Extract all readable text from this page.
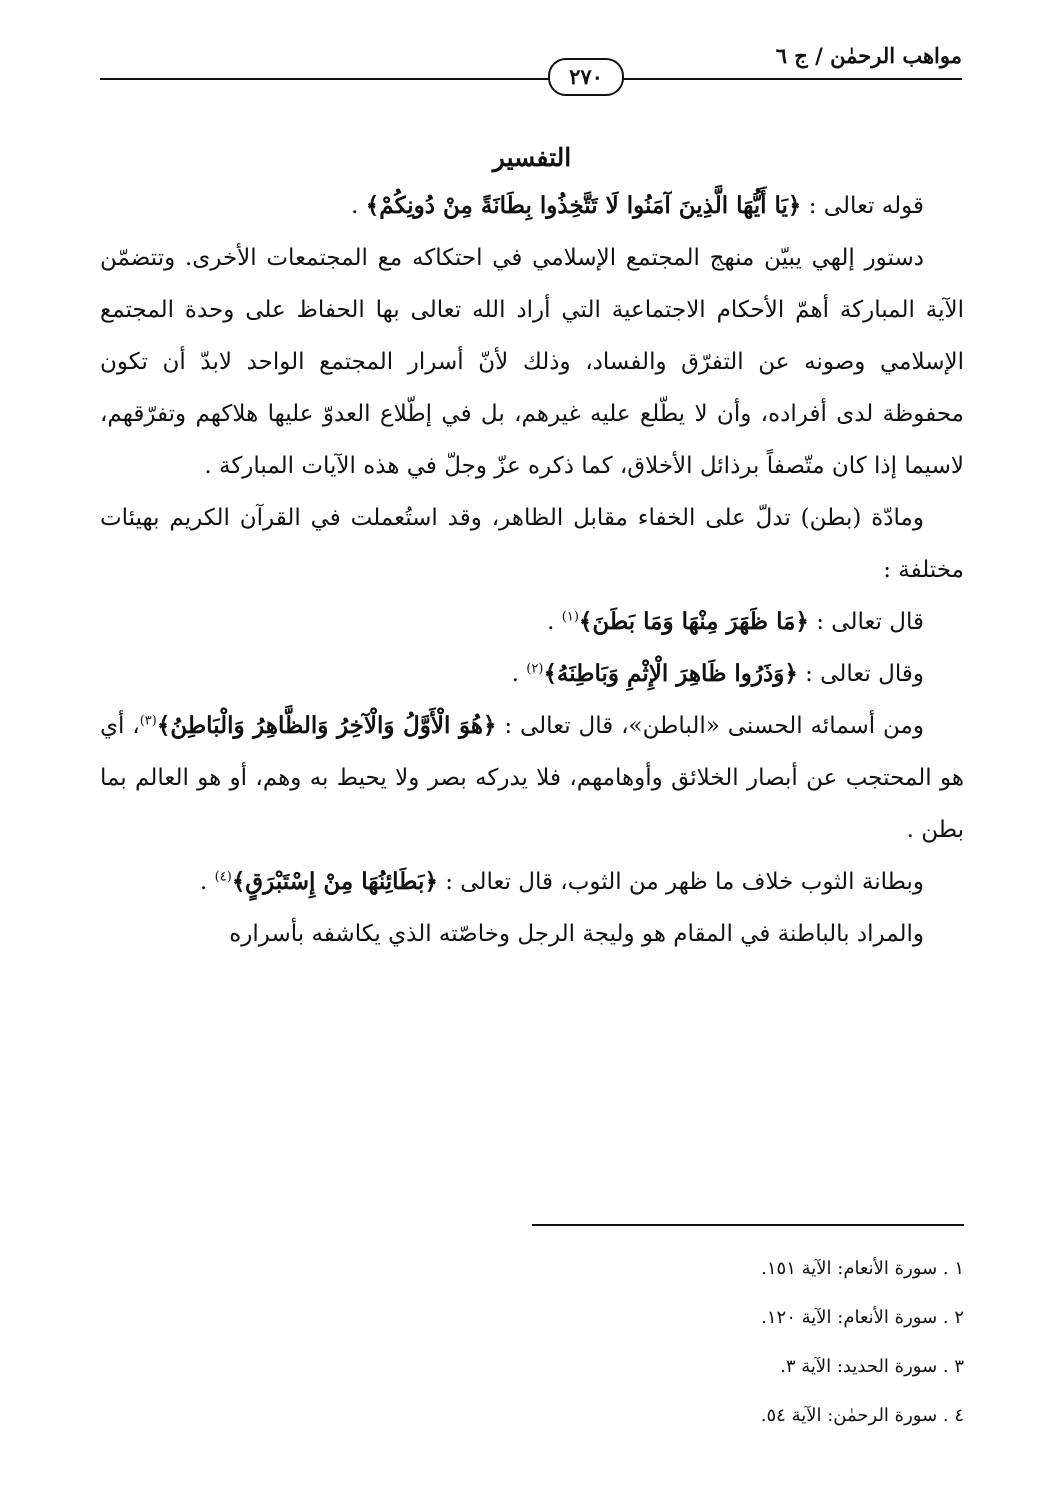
مواهب الرحمٰن / ج ٦
٢٧٠
التفسير
قوله تعالى : ﴿يَا أَيُّهَا الَّذِينَ آمَنُوا لَا تَتَّخِذُوا بِطَانَةً مِنْ دُونِكُمْ﴾ .

دستور إلهي يبيّن منهج المجتمع الإسلامي في احتكاكه مع المجتمعات الأخرى. وتتضمّن الآية المباركة أهمّ الأحكام الاجتماعية التي أراد الله تعالى بها الحفاظ على وحدة المجتمع الإسلامي وصونه عن التفرّق والفساد، وذلك لأنّ أسرار المجتمع الواحد لابدّ أن تكون محفوظة لدى أفراده، وأن لا يطّلع عليه غيرهم، بل في إطّلاع العدوّ عليها هلاكهم وتفرّقهم، لاسيما إذا كان متّصفاً برذائل الأخلاق، كما ذكره عزّ وجلّ في هذه الآيات المباركة .

ومادّة (بطن) تدلّ على الخفاء مقابل الظاهر، وقد استُعملت في القرآن الكريم بهيئات مختلفة :

قال تعالى : ﴿مَا ظَهَرَ مِنْهَا وَمَا بَطَنَ﴾$^{(١)}$ .
وقال تعالى : ﴿وَذَرُوا ظَاهِرَ الْإِثْمِ وَبَاطِنَهُ﴾$^{(٢)}$ .

ومن أسمائه الحسنى «الباطن»، قال تعالى : ﴿هُوَ الْأَوَّلُ وَالْآخِرُ وَالظَّاهِرُ وَالْبَاطِنُ﴾$^{(٣)}$، أي هو المحتجب عن أبصار الخلائق وأوهامهم، فلا يدركه بصر ولا يحيط به وهم، أو هو العالم بما بطن .

وبطانة الثوب خلاف ما ظهر من الثوب، قال تعالى : ﴿بَطَائِنُهَا مِنْ إِسْتَبْرَقٍ﴾$^{(٤)}$ .

والمراد بالباطنة في المقام هو وليجة الرجل وخاصّته الذي يكاشفه بأسراره

١ . سورة الأنعام: الآية ١٥١.
٢ . سورة الأنعام: الآية ١٢٠.
٣ . سورة الحديد: الآية ٣.
٤ . سورة الرحمٰن: الآية ٥٤.
